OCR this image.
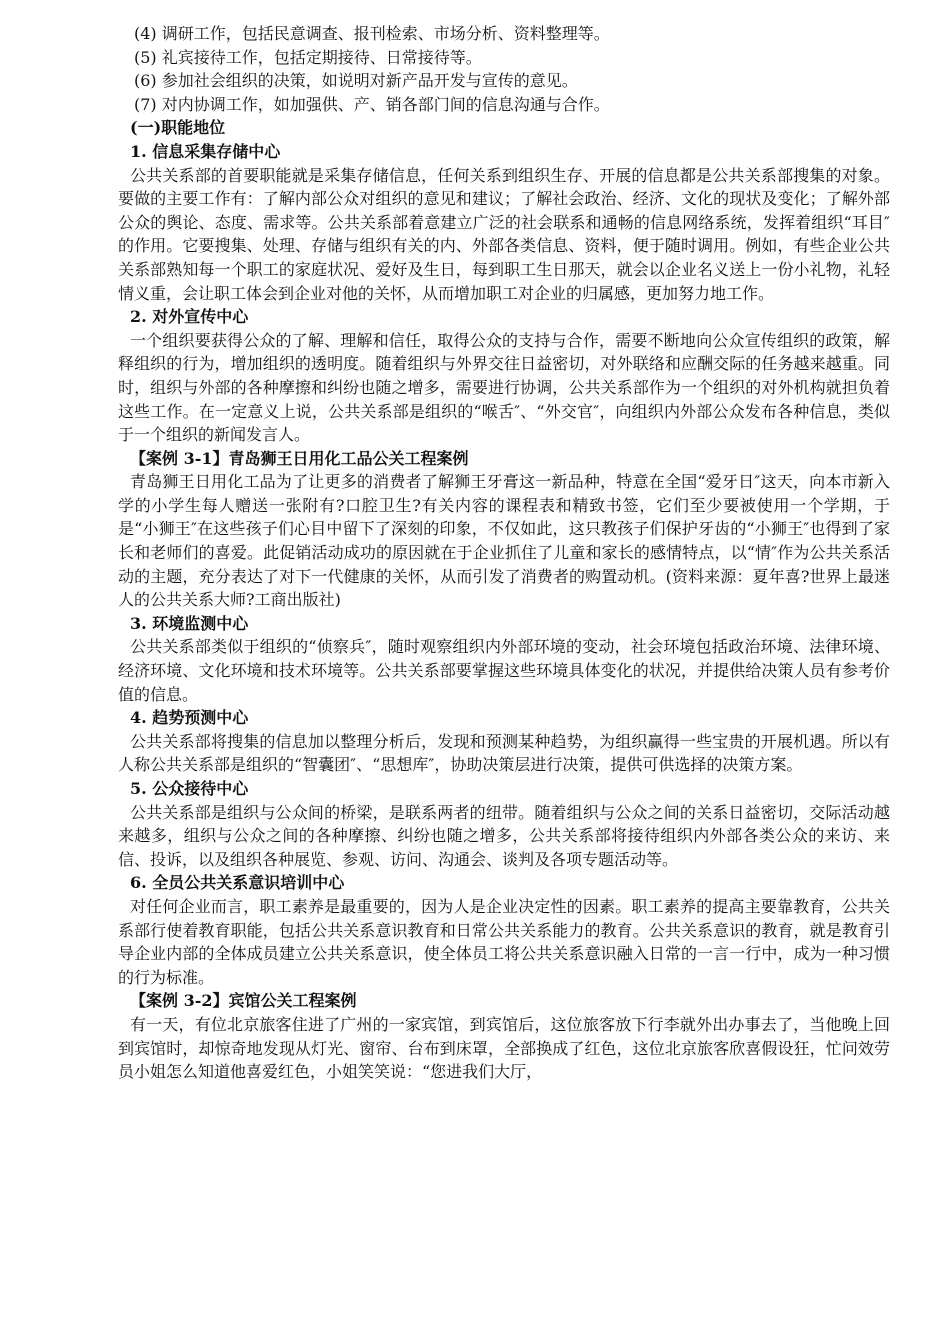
(4) 调研工作，包括民意调查、报刊检索、市场分析、资料整理等。

(5) 礼宾接待工作，包括定期接待、日常接待等。

(6) 参加社会组织的决策，如说明对新产品开发与宣传的意见。

(7) 对内协调工作，如加强供、产、销各部门间的信息沟通与合作。

(一)职能地位

1. 信息采集存储中心

公共关系部的首要职能就是采集存储信息，任何关系到组织生存、开展的信息都是公共关系部搜集的对象。要做的主要工作有：了解内部公众对组织的意见和建议；了解社会政治、经济、文化的现状及变化；了解外部公众的舆论、态度、需求等。公共关系部着意建立广泛的社会联系和通畅的信息网络系统，发挥着组织“耳目″的作用。它要搜集、处理、存储与组织有关的内、外部各类信息、资料，便于随时调用。例如，有些企业公共关系部熟知每一个职工的家庭状况、爱好及生日，每到职工生日那天，就会以企业名义送上一份小礼物，礼轻情义重，会让职工体会到企业对他的关怀，从而增加职工对企业的归属感，更加努力地工作。

2. 对外宣传中心

一个组织要获得公众的了解、理解和信任，取得公众的支持与合作，需要不断地向公众宣传组织的政策，解释组织的行为，增加组织的透明度。随着组织与外界交往日益密切，对外联络和应酬交际的任务越来越重。同时，组织与外部的各种摩擦和纠纷也随之增多，需要进行协调，公共关系部作为一个组织的对外机构就担负着这些工作。在一定意义上说，公共关系部是组织的“喉舌″、“外交官″，向组织内外部公众发布各种信息，类似于一个组织的新闻发言人。

【案例 3-1】青岛狮王日用化工品公关工程案例

青岛狮王日用化工品为了让更多的消费者了解狮王牙膏这一新品种，特意在全国“爱牙日″这天，向本市新入学的小学生每人赠送一张附有?口腔卫生?有关内容的课程表和精致书签，它们至少要被使用一个学期，于是“小狮王″在这些孩子们心目中留下了深刻的印象，不仅如此，这只教孩子们保护牙齿的“小狮王″也得到了家长和老师们的喜爱。此促销活动成功的原因就在于企业抓住了儿童和家长的感情特点，以“情″作为公共关系活动的主题，充分表达了对下一代健康的关怀，从而引发了消费者的购置动机。(资料来源：夏年喜?世界上最迷人的公共关系大师?工商出版社)

3. 环境监测中心

公共关系部类似于组织的“侦察兵″，随时观察组织内外部环境的变动，社会环境包括政治环境、法律环境、经济环境、文化环境和技术环境等。公共关系部要掌握这些环境具体变化的状况，并提供给决策人员有参考价值的信息。

4. 趋势预测中心

公共关系部将搜集的信息加以整理分析后，发现和预测某种趋势，为组织赢得一些宝贵的开展机遇。所以有人称公共关系部是组织的“智囊团″、“思想库″，协助决策层进行决策，提供可供选择的决策方案。

5. 公众接待中心

公共关系部是组织与公众间的桥梁，是联系两者的纽带。随着组织与公众之间的关系日益密切，交际活动越来越多，组织与公众之间的各种摩擦、纠纷也随之增多，公共关系部将接待组织内外部各类公众的来访、来信、投诉，以及组织各种展览、参观、访问、沟通会、谈判及各项专题活动等。

6. 全员公共关系意识培训中心

对任何企业而言，职工素养是最重要的，因为人是企业决定性的因素。职工素养的提高主要靠教育，公共关系部行使着教育职能，包括公共关系意识教育和日常公共关系能力的教育。公共关系意识的教育，就是教育引导企业内部的全体成员建立公共关系意识，使全体员工将公共关系意识融入日常的一言一行中，成为一种习惯的行为标准。

【案例 3-2】宾馆公关工程案例

有一天，有位北京旅客住进了广州的一家宾馆，到宾馆后，这位旅客放下行李就外出办事去了，当他晚上回到宾馆时，却惊奇地发现从灯光、窗帘、台布到床罩，全部换成了红色，这位北京旅客欣喜假设狂，忙问效劳员小姐怎么知道他喜爱红色，小姐笑笑说：“您进我们大厅，
